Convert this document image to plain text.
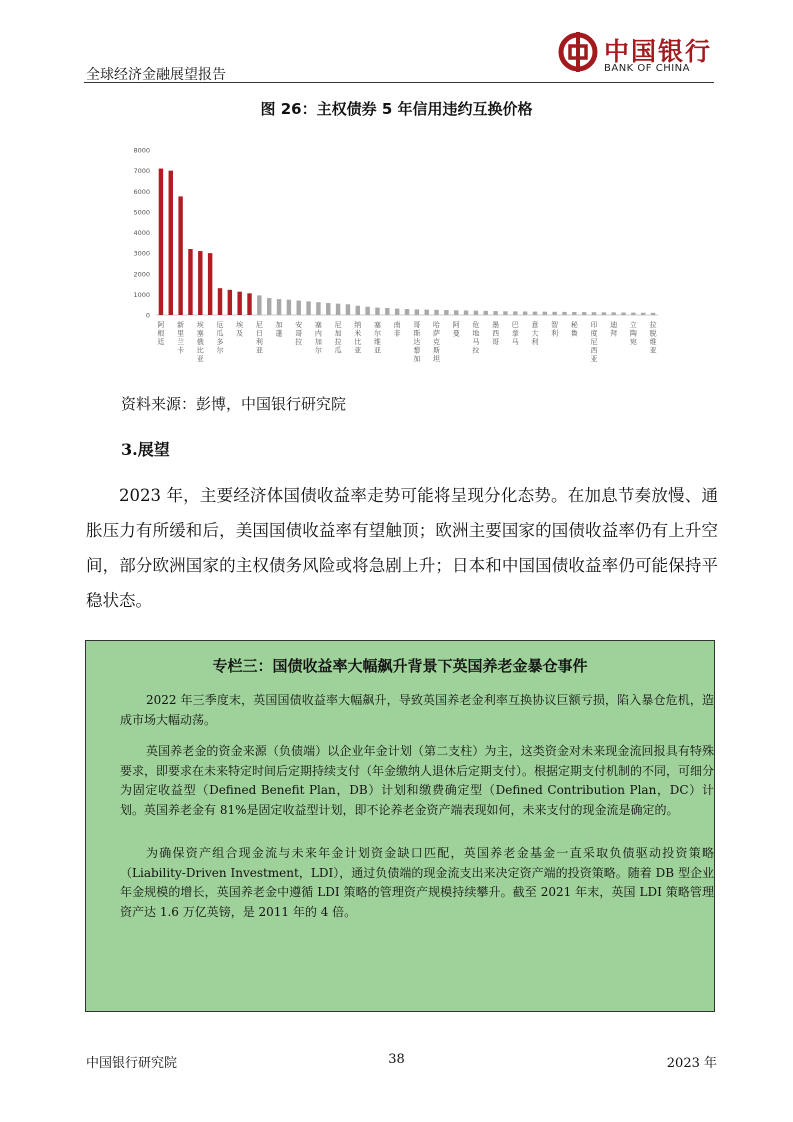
全球经济金融展望报告
中国银行
BANK OF CHINA
图 26：主权债券 5 年信用违约互换价格
0
1000
2000
3000
4000
5000
6000
7000
8000
阿根廷
新里兰卡
埃塞俄比亚
厄瓜多尔
埃及
尼日利亚
加蓬
安哥拉
塞内加尔
尼加拉瓜
纳米比亚
塞尔维亚
南非
哥斯达黎加
哈萨克斯坦
阿曼
危地马拉
墨西哥
巴拿马
意大利
智利
秘鲁
印度尼西亚
迪拜
立陶宛
拉脱维亚
资料来源：彭博，中国银行研究院
3.展望
2023 年，主要经济体国债收益率走势可能将呈现分化态势。在加息节奏放慢、通胀压力有所缓和后，美国国债收益率有望触顶；欧洲主要国家的国债收益率仍有上升空间，部分欧洲国家的主权债务风险或将急剧上升；日本和中国国债收益率仍可能保持平稳状态。
专栏三：国债收益率大幅飙升背景下英国养老金暴仓事件
2022 年三季度末，英国国债收益率大幅飙升，导致英国养老金利率互换协议巨额亏损，陷入暴仓危机，造成市场大幅动荡。
英国养老金的资金来源（负债端）以企业年金计划（第二支柱）为主，这类资金对未来现金流回报具有特殊要求，即要求在未来特定时间后定期持续支付（年金缴纳人退休后定期支付）。根据定期支付机制的不同，可细分为固定收益型（Defined Benefit Plan，DB）计划和缴费确定型（Defined Contribution Plan，DC）计划。英国养老金有 81%是固定收益型计划，即不论养老金资产端表现如何，未来支付的现金流是确定的。
为确保资产组合现金流与未来年金计划资金缺口匹配，英国养老金基金一直采取负债驱动投资策略（Liability-Driven Investment，LDI），通过负债端的现金流支出来决定资产端的投资策略。随着 DB 型企业年金规模的增长，英国养老金中遵循 LDI 策略的管理资产规模持续攀升。截至 2021 年末，英国 LDI 策略管理资产达 1.6 万亿英镑，是 2011 年的 4 倍。
中国银行研究院	38	2023 年
